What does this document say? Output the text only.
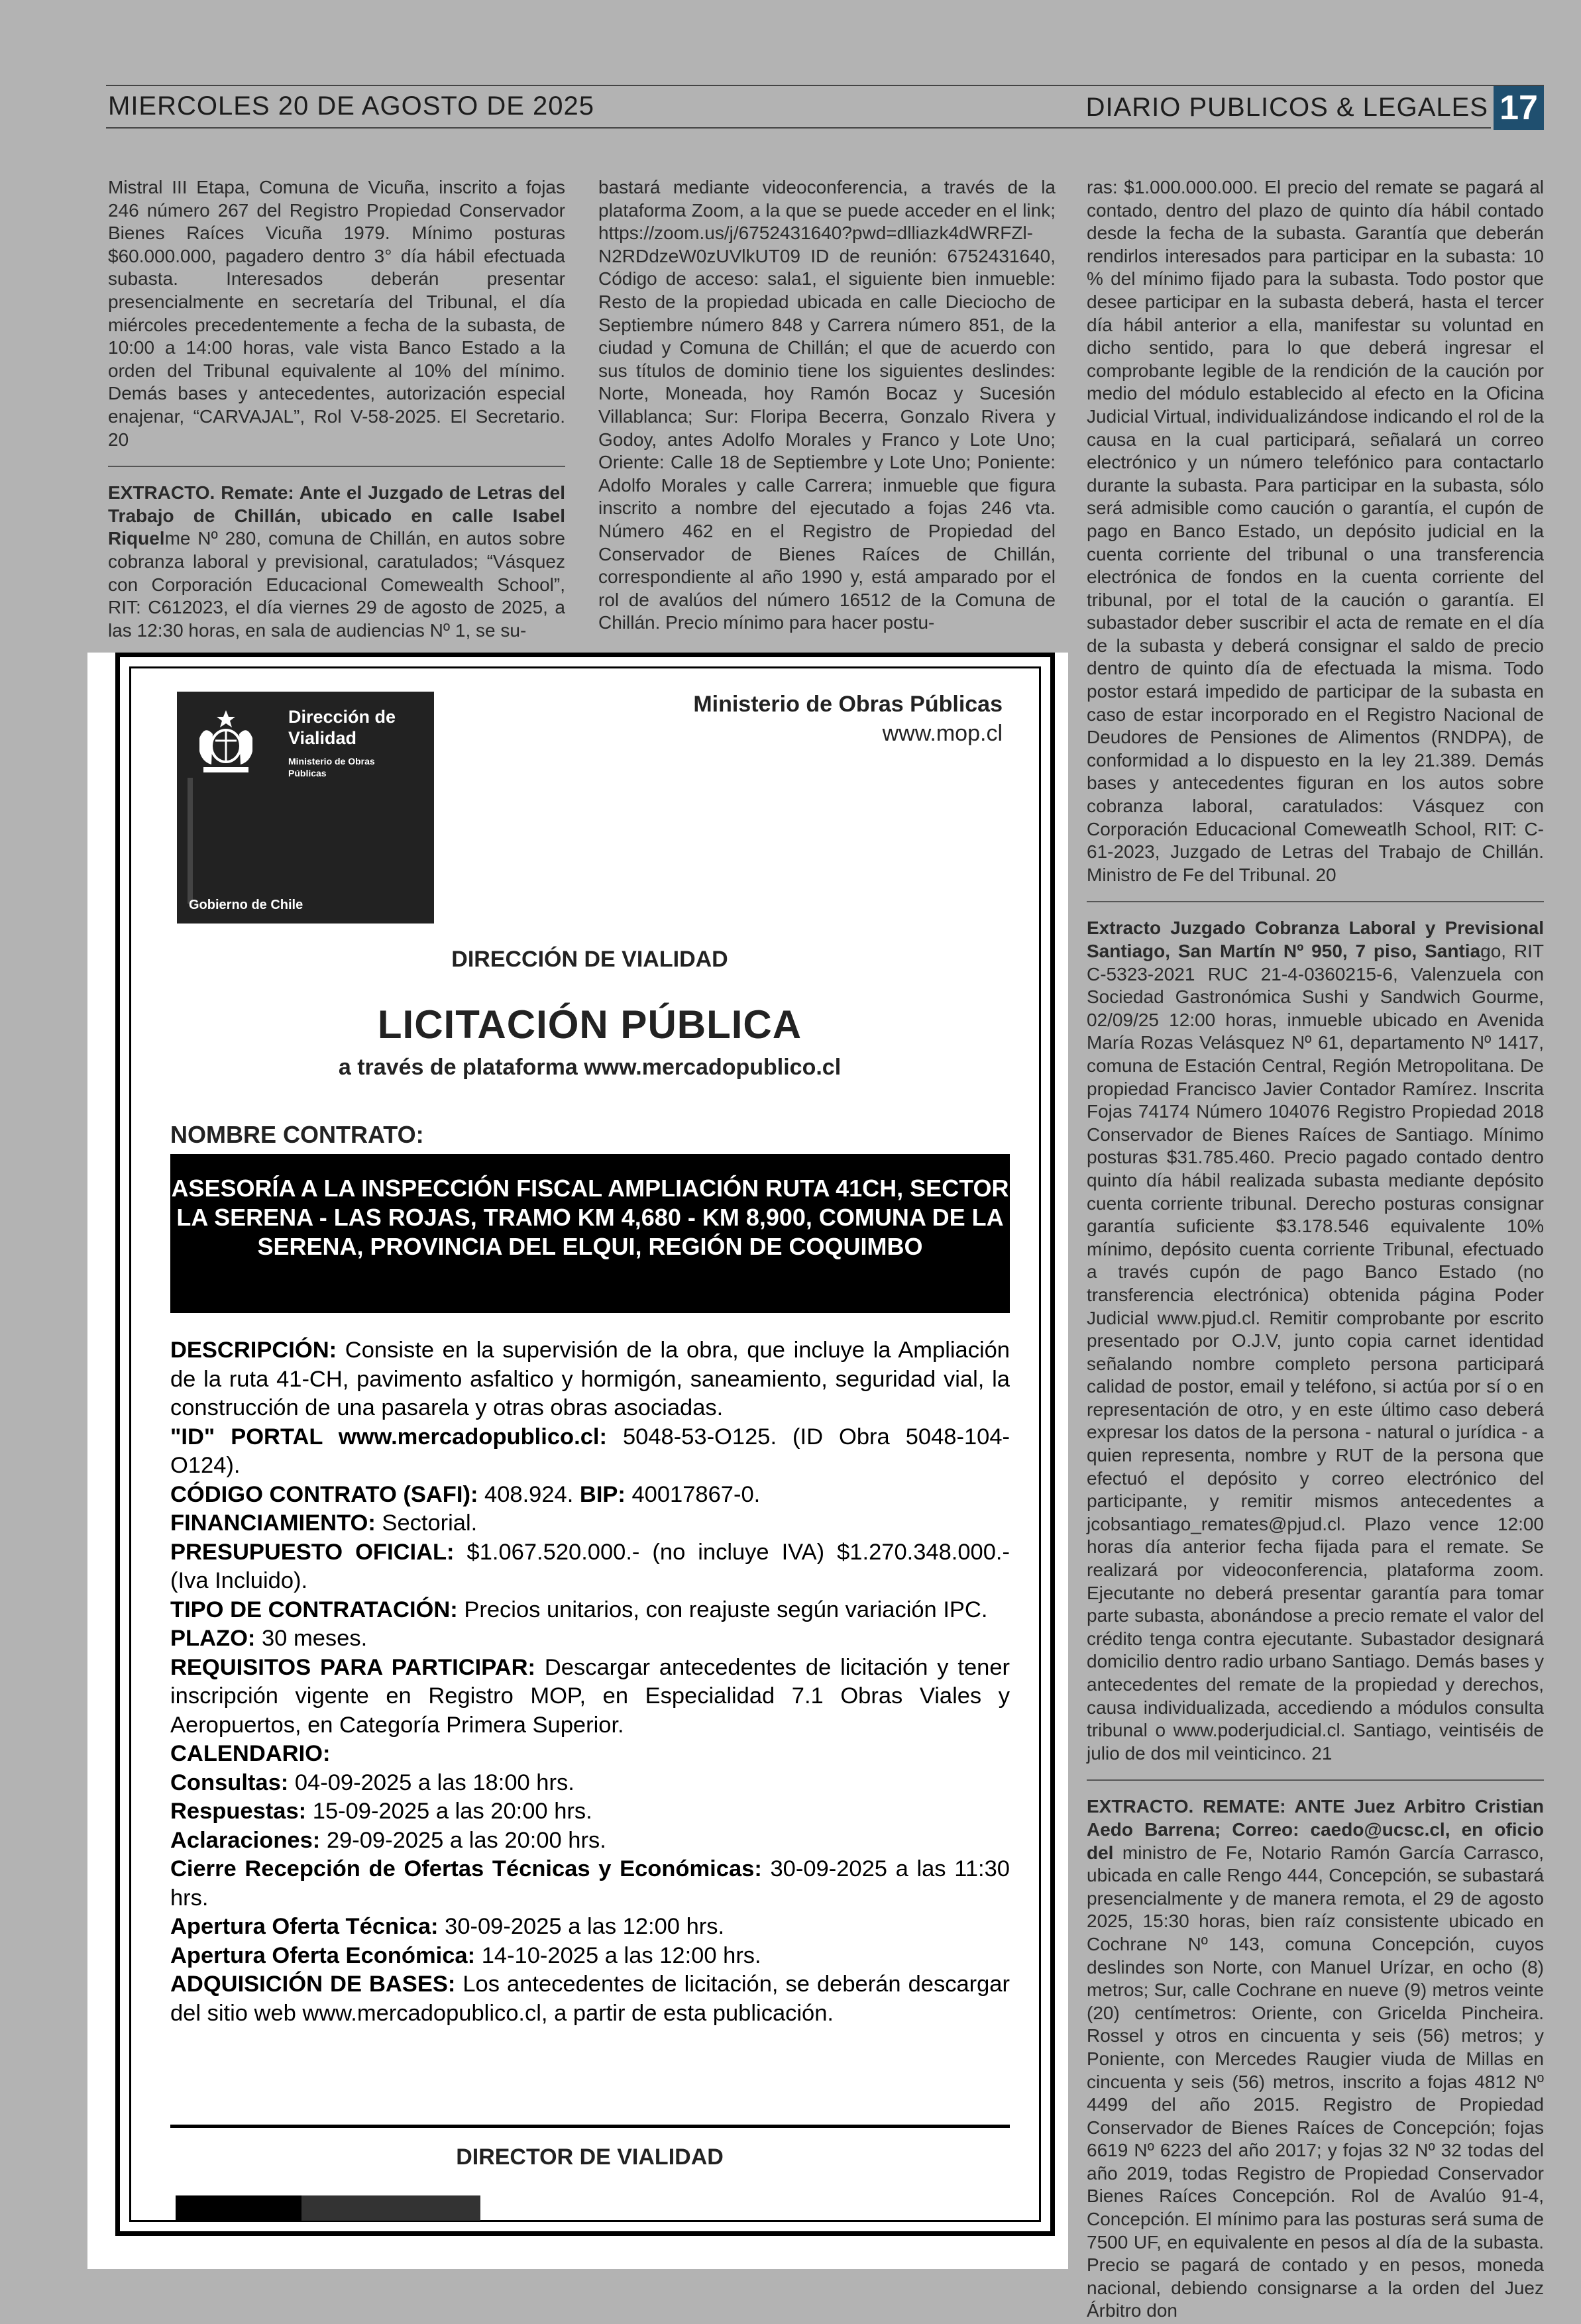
MIERCOLES 20 DE AGOSTO DE 2025	DIARIO PUBLICOS & LEGALES 17

Mistral III Etapa, Comuna de Vicuña, inscrito a fojas 246 número 267 del Registro Propiedad Conservador Bienes Raíces Vicuña 1979. Mínimo posturas $60.000.000, pagadero dentro 3° día hábil efectuada subasta. Interesados deberán presentar presencialmente en secretaría del Tribunal, el día miércoles precedentemente a fecha de la subasta, de 10:00 a 14:00 horas, vale vista Banco Estado a la orden del Tribunal equivalente al 10% del mínimo. Demás bases y antecedentes, autorización especial enajenar, “CARVAJAL”, Rol V-58-2025. El Secretario. 20

EXTRACTO. Remate: Ante el Juzgado de Letras del Trabajo de Chillán, ubicado en calle Isabel Riquelme Nº 280, comuna de Chillán, en autos sobre cobranza laboral y previsional, caratulados; “Vásquez con Corporación Educacional Comewealth School”, RIT: C612023, el día viernes 29 de agosto de 2025, a las 12:30 horas, en sala de audiencias Nº 1, se su-

bastará mediante videoconferencia, a través de la plataforma Zoom, a la que se puede acceder en el link; https://zoom.us/j/6752431640?pwd=dlliazk4dWRFZl-N2RDdzeW0zUVlkUT09 ID de reunión: 6752431640, Código de acceso: sala1, el siguiente bien inmueble: Resto de la propiedad ubicada en calle Dieciocho de Septiembre número 848 y Carrera número 851, de la ciudad y Comuna de Chillán; el que de acuerdo con sus títulos de dominio tiene los siguientes deslindes: Norte, Moneada, hoy Ramón Bocaz y Sucesión Villablanca; Sur: Floripa Becerra, Gonzalo Rivera y Godoy, antes Adolfo Morales y Franco y Lote Uno; Oriente: Calle 18 de Septiembre y Lote Uno; Poniente: Adolfo Morales y calle Carrera; inmueble que figura inscrito a nombre del ejecutado a fojas 246 vta. Número 462 en el Registro de Propiedad del Conservador de Bienes Raíces de Chillán, correspondiente al año 1990 y, está amparado por el rol de avalúos del número 16512 de la Comuna de Chillán. Precio mínimo para hacer postu-

ras: $1.000.000.000. El precio del remate se pagará al contado, dentro del plazo de quinto día hábil contado desde la fecha de la subasta. Garantía que deberán rendirlos interesados para participar en la subasta: 10 % del mínimo fijado para la subasta. Todo postor que desee participar en la subasta deberá, hasta el tercer día hábil anterior a ella, manifestar su voluntad en dicho sentido, para lo que deberá ingresar el comprobante legible de la rendición de la caución por medio del módulo establecido al efecto en la Oficina Judicial Virtual, individualizándose indicando el rol de la causa en la cual participará, señalará un correo electrónico y un número telefónico para contactarlo durante la subasta. Para participar en la subasta, sólo será admisible como caución o garantía, el cupón de pago en Banco Estado, un depósito judicial en la cuenta corriente del tribunal o una transferencia electrónica de fondos en la cuenta corriente del tribunal, por el total de la caución o garantía. El subastador deber suscribir el acta de remate en el día de la subasta y deberá consignar el saldo de precio dentro de quinto día de efectuada la misma. Todo postor estará impedido de participar de la subasta en caso de estar incorporado en el Registro Nacional de Deudores de Pensiones de Alimentos (RNDPA), de conformidad a lo dispuesto en la ley 21.389. Demás bases y antecedentes figuran en los autos sobre cobranza laboral, caratulados: Vásquez con Corporación Educacional Comeweatlh School, RIT: C-61-2023, Juzgado de Letras del Trabajo de Chillán. Ministro de Fe del Tribunal. 20

Extracto Juzgado Cobranza Laboral y Previsional Santiago, San Martín Nº 950, 7 piso, Santiago, RIT C-5323-2021 RUC 21-4-0360215-6, Valenzuela con Sociedad Gastronómica Sushi y Sandwich Gourme, 02/09/25 12:00 horas, inmueble ubicado en Avenida María Rozas Velásquez Nº 61, departamento Nº 1417, comuna de Estación Central, Región Metropolitana. De propiedad Francisco Javier Contador Ramírez. Inscrita Fojas 74174 Número 104076 Registro Propiedad 2018 Conservador de Bienes Raíces de Santiago. Mínimo posturas $31.785.460. Precio pagado contado dentro quinto día hábil realizada subasta mediante depósito cuenta corriente tribunal. Derecho posturas consignar garantía suficiente $3.178.546 equivalente 10% mínimo, depósito cuenta corriente Tribunal, efectuado a través cupón de pago Banco Estado (no transferencia electrónica) obtenida página Poder Judicial www.pjud.cl. Remitir comprobante por escrito presentado por O.J.V, junto copia carnet identidad señalando nombre completo persona participará calidad de postor, email y teléfono, si actúa por sí o en representación de otro, y en este último caso deberá expresar los datos de la persona - natural o jurídica - a quien representa, nombre y RUT de la persona que efectuó el depósito y correo electrónico del participante, y remitir mismos antecedentes a jcobsantiago_remates@pjud.cl. Plazo vence 12:00 horas día anterior fecha fijada para el remate. Se realizará por videoconferencia, plataforma zoom. Ejecutante no deberá presentar garantía para tomar parte subasta, abonándose a precio remate el valor del crédito tenga contra ejecutante. Subastador designará domicilio dentro radio urbano Santiago. Demás bases y antecedentes del remate de la propiedad y derechos, causa individualizada, accediendo a módulos consulta tribunal o www.poderjudicial.cl. Santiago, veintiséis de julio de dos mil veinticinco. 21

EXTRACTO. REMATE: ANTE Juez Arbitro Cristian Aedo Barrena; Correo: caedo@ucsc.cl, en oficio del ministro de Fe, Notario Ramón García Carrasco, ubicada en calle Rengo 444, Concepción, se subastará presencialmente y de manera remota, el 29 de agosto 2025, 15:30 horas, bien raíz consistente ubicado en Cochrane Nº 143, comuna Concepción, cuyos deslindes son Norte, con Manuel Urízar, en ocho (8) metros; Sur, calle Cochrane en nueve (9) metros veinte (20) centímetros: Oriente, con Gricelda Pincheira. Rossel y otros en cincuenta y seis (56) metros; y Poniente, con Mercedes Raugier viuda de Millas en cincuenta y seis (56) metros, inscrito a fojas 4812 Nº 4499 del año 2015. Registro de Propiedad Conservador de Bienes Raíces de Concepción; fojas 6619 Nº 6223 del año 2017; y fojas 32 Nº 32 todas del año 2019, todas Registro de Propiedad Conservador Bienes Raíces Concepción. Rol de Avalúo 91-4, Concepción. El mínimo para las posturas será suma de 7500 UF, en equivalente en pesos al día de la subasta. Precio se pagará de contado y en pesos, moneda nacional, debiendo consignarse a la orden del Juez Árbitro don

Dirección de
Vialidad
Ministerio de Obras
Públicas
Gobierno de Chile
Ministerio de Obras Públicas
www.mop.cl
DIRECCIÓN DE VIALIDAD
LICITACIÓN PÚBLICA
a través de plataforma www.mercadopublico.cl
NOMBRE CONTRATO:
ASESORÍA A LA INSPECCIÓN FISCAL AMPLIACIÓN RUTA 41CH, SECTOR LA SERENA - LAS ROJAS, TRAMO KM 4,680 - KM 8,900, COMUNA DE LA SERENA, PROVINCIA DEL ELQUI, REGIÓN DE COQUIMBO
DESCRIPCIÓN: Consiste en la supervisión de la obra, que incluye la Ampliación de la ruta 41-CH, pavimento asfaltico y hormigón, saneamiento, seguridad vial, la construcción de una pasarela y otras obras asociadas.
"ID" PORTAL www.mercadopublico.cl: 5048-53-O125. (ID Obra 5048-104-O124).
CÓDIGO CONTRATO (SAFI): 408.924. BIP: 40017867-0.
FINANCIAMIENTO: Sectorial.
PRESUPUESTO OFICIAL: $1.067.520.000.- (no incluye IVA) $1.270.348.000.- (Iva Incluido).
TIPO DE CONTRATACIÓN: Precios unitarios, con reajuste según variación IPC.
PLAZO: 30 meses.
REQUISITOS PARA PARTICIPAR: Descargar antecedentes de licitación y tener inscripción vigente en Registro MOP, en Especialidad 7.1 Obras Viales y Aeropuertos, en Categoría Primera Superior.
CALENDARIO:
Consultas: 04-09-2025 a las 18:00 hrs.
Respuestas: 15-09-2025 a las 20:00 hrs.
Aclaraciones: 29-09-2025 a las 20:00 hrs.
Cierre Recepción de Ofertas Técnicas y Económicas: 30-09-2025 a las 11:30 hrs.
Apertura Oferta Técnica: 30-09-2025 a las 12:00 hrs.
Apertura Oferta Económica: 14-10-2025 a las 12:00 hrs.
ADQUISICIÓN DE BASES: Los antecedentes de licitación, se deberán descargar del sitio web www.mercadopublico.cl, a partir de esta publicación.
DIRECTOR DE VIALIDAD
